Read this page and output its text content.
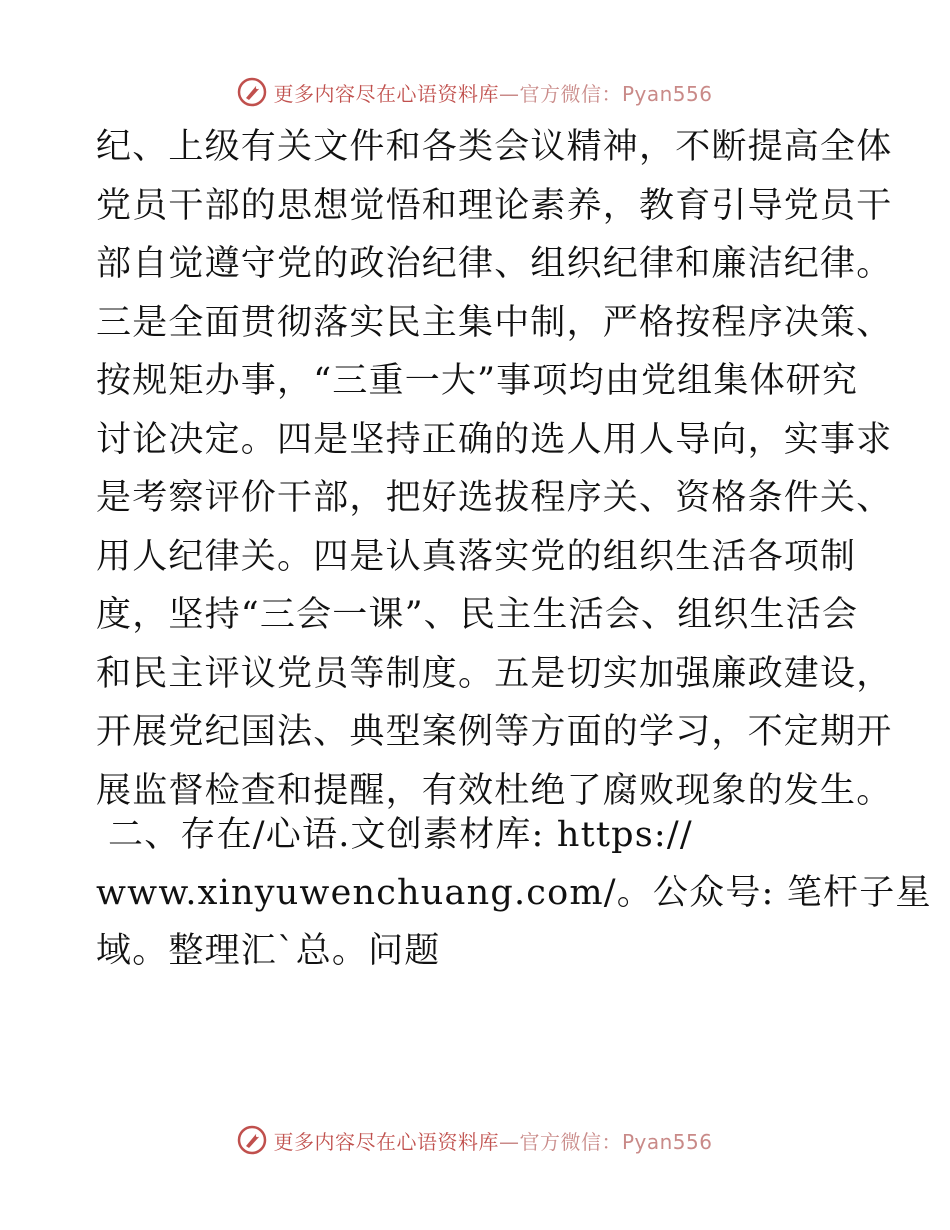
更多内容尽在心语资料库—官方微信：Pyan556
纪、上级有关文件和各类会议精神，不断提高全体
党员干部的思想觉悟和理论素养，教育引导党员干
部自觉遵守党的政治纪律、组织纪律和廉洁纪律。
三是全面贯彻落实民主集中制，严格按程序决策、
按规矩办事，“三重一大”事项均由党组集体研究
讨论决定。四是坚持正确的选人用人导向，实事求
是考察评价干部，把好选拔程序关、资格条件关、
用人纪律关。四是认真落实党的组织生活各项制
度，坚持“三会一课”、民主生活会、组织生活会
和民主评议党员等制度。五是切实加强廉政建设，
开展党纪国法、典型案例等方面的学习，不定期开
展监督检查和提醒，有效杜绝了腐败现象的发生。
二、存在/心语.文创素材库: https://
www.xinyuwenchuang.com/。公众号: 笔杆子星
域。整理汇`总。问题
更多内容尽在心语资料库—官方微信：Pyan556
